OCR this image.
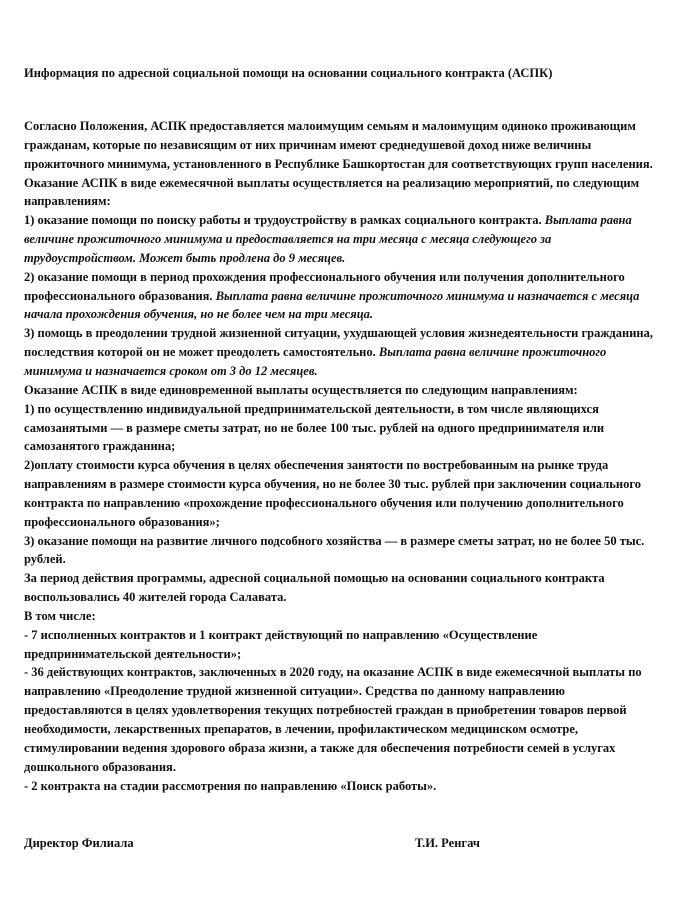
Информация по адресной социальной помощи на основании социального контракта (АСПК)

Согласно Положения, АСПК предоставляется малоимущим семьям и малоимущим одиноко проживающим гражданам, которые по независящим от них причинам имеют среднедушевой доход ниже величины прожиточного минимума, установленного в Республике Башкортостан для соответствующих групп населения.

Оказание АСПК в виде ежемесячной выплаты осуществляется на реализацию мероприятий, по следующим направлениям:

1) оказание помощи по поиску работы и трудоустройству в рамках социального контракта. Выплата равна величине прожиточного минимума и предоставляется на три месяца с месяца следующего за трудоустройством. Может быть продлена до 9 месяцев.

2) оказание помощи в период прохождения профессионального обучения или получения дополнительного профессионального образования. Выплата равна величине прожиточного минимума и назначается с месяца начала прохождения обучения, но не более чем на три месяца.

3) помощь в преодолении трудной жизненной ситуации, ухудшающей условия жизнедеятельности гражданина, последствия которой он не может преодолеть самостоятельно. Выплата равна величине прожиточного минимума и назначается сроком от 3 до 12 месяцев.

Оказание АСПК в виде единовременной выплаты осуществляется по следующим направлениям:

1) по осуществлению индивидуальной предпринимательской деятельности, в том числе являющихся самозанятыми — в размере сметы затрат, но не более 100 тыс. рублей на одного предпринимателя или самозанятого гражданина;

2)оплату стоимости курса обучения в целях обеспечения занятости по востребованным на рынке труда направлениям в размере стоимости курса обучения, но не более 30 тыс. рублей при заключении социального контракта по направлению «прохождение профессионального обучения или получению дополнительного профессионального образования»;

3) оказание помощи на развитие личного подсобного хозяйства — в размере сметы затрат, но не более 50 тыс. рублей.

За период действия программы, адресной социальной помощью на основании социального контракта воспользовались 40 жителей города Салавата.

В том числе:

- 7 исполненных контрактов и 1 контракт действующий по направлению «Осуществление предпринимательской деятельности»;

- 36 действующих контрактов, заключенных в 2020 году, на оказание АСПК в виде ежемесячной выплаты по направлению «Преодоление трудной жизненной ситуации». Средства по данному направлению предоставляются в целях удовлетворения текущих потребностей граждан в приобретении товаров первой необходимости, лекарственных препаратов, в лечении, профилактическом медицинском осмотре, стимулировании ведения здорового образа жизни, а также для обеспечения потребности семей в услугах дошкольного образования.

- 2 контракта на стадии рассмотрения по направлению «Поиск работы».

Директор Филиала	Т.И. Ренгач
